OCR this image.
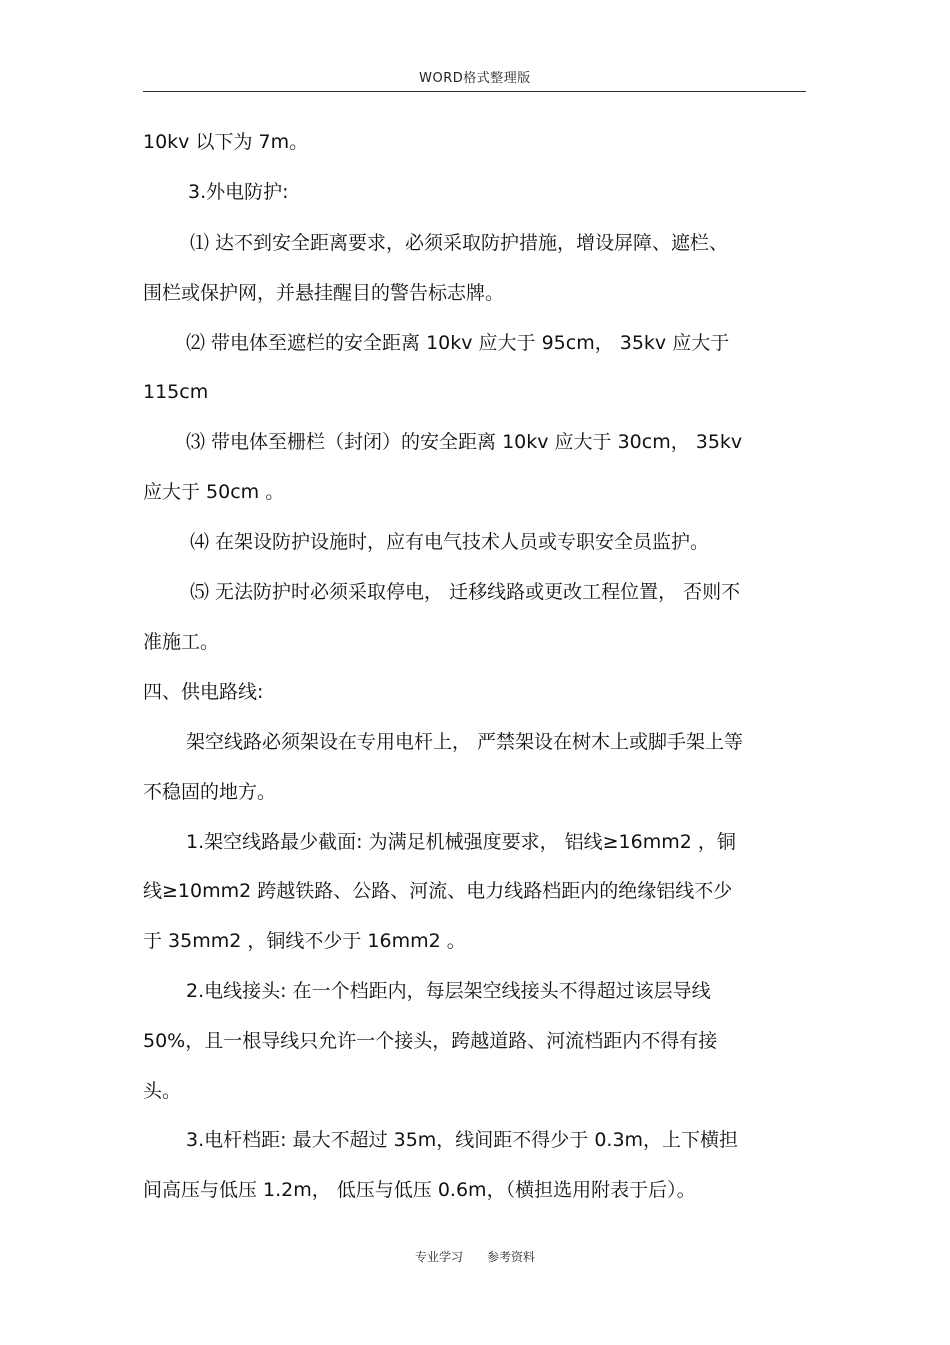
WORD格式整理版
10kv 以下为 7m。
3.外电防护:
⑴ 达不到安全距离要求，必须采取防护措施，增设屏障、遮栏、
围栏或保护网，并悬挂醒目的警告标志牌。
⑵ 带电体至遮栏的安全距离 10kv 应大于 95cm， 35kv 应大于
115cm
⑶ 带电体至栅栏（封闭）的安全距离 10kv 应大于 30cm， 35kv
应大于 50cm 。
⑷ 在架设防护设施时，应有电气技术人员或专职安全员监护。
⑸ 无法防护时必须采取停电， 迁移线路或更改工程位置， 否则不
准施工。
四、供电路线:
架空线路必须架设在专用电杆上， 严禁架设在树木上或脚手架上等
不稳固的地方。
1.架空线路最少截面: 为满足机械强度要求， 铝线≥16mm2 ，铜
线≥10mm2 跨越铁路、公路、河流、电力线路档距内的绝缘铝线不少
于 35mm2 ，铜线不少于 16mm2 。
2.电线接头: 在一个档距内，每层架空线接头不得超过该层导线
50%，且一根导线只允许一个接头，跨越道路、河流档距内不得有接
头。
3.电杆档距: 最大不超过 35m，线间距不得少于 0.3m，上下横担
间高压与低压 1.2m， 低压与低压 0.6m，（横担选用附表于后）。
专业学习 参考资料
